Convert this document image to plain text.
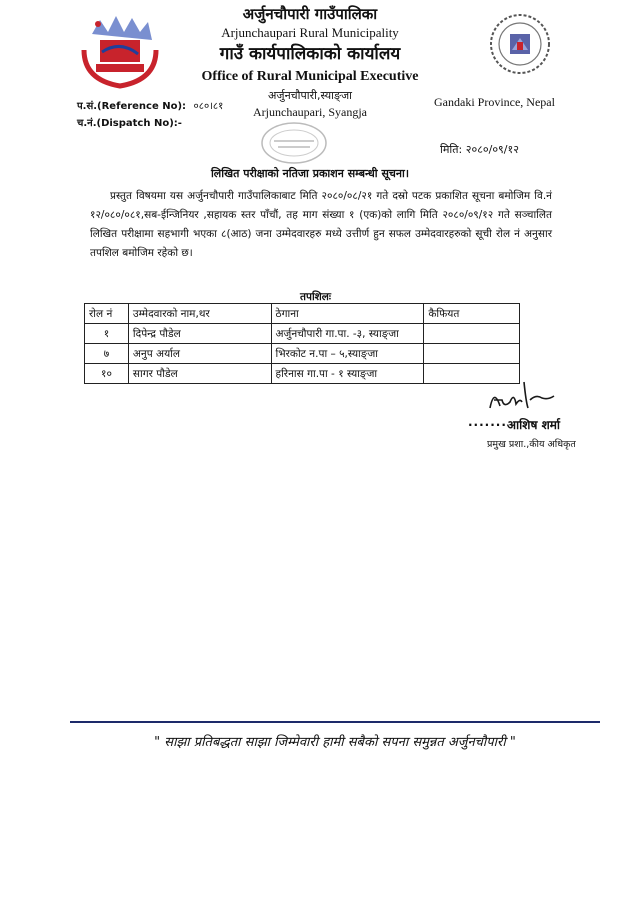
अर्जुनचौपारी गाउँपालिका
Arjunchaupari Rural Municipality
गाउँ कार्यपालिकाको कार्यालय
Office of Rural Municipal Executive
अर्जुनचौपारी,स्याङ्जा
Arjunchaupari, Syangja
Gandaki Province, Nepal
प.सं.(Reference No): ०८०।८१
च.नं.(Dispatch No):-
मिति: २०८०/०९/१२
लिखित परीक्षाको नतिजा प्रकाशन सम्बन्धी सूचना।
प्रस्तुत विषयमा यस अर्जुनचौपारी गाउँपालिकाबाट मिति २०८०/०८/२१ गते दस्रो पटक प्रकाशित सूचना बमोजिम वि.नं १२/०८०/०८१,सब-ईन्जिनियर ,सहायक स्तर पाँचौं, तह माग संख्या १ (एक)को लागि मिति २०८०/०९/१२ गते सञ्चालित लिखित परीक्षामा सहभागी भएका ८(आठ) जना उम्मेदवारहरु मध्ये उत्तीर्ण हुन सफल उम्मेदवारहरुको सूची रोल नं अनुसार तपशिल बमोजिम रहेको छ।
तपशिलः
रोल नं	उम्मेदवारको नाम,थर	ठेगाना	कैफियत
१	दिपेन्द्र पौडेल	अर्जुनचौपारी गा.पा. -३, स्याङ्जा	
७	अनुप अर्याल	भिरकोट न.पा – ५,स्याङ्जा	
१०	सागर पौडेल	हरिनास गा.पा - १ स्याङ्जा	
·······आशिष शर्मा
प्रमुख प्रशा.,कीय अधिकृत
" साझा प्रतिबद्धता साझा जिम्मेवारी हामी सबैको सपना समुन्नत अर्जुनचौपारी "
